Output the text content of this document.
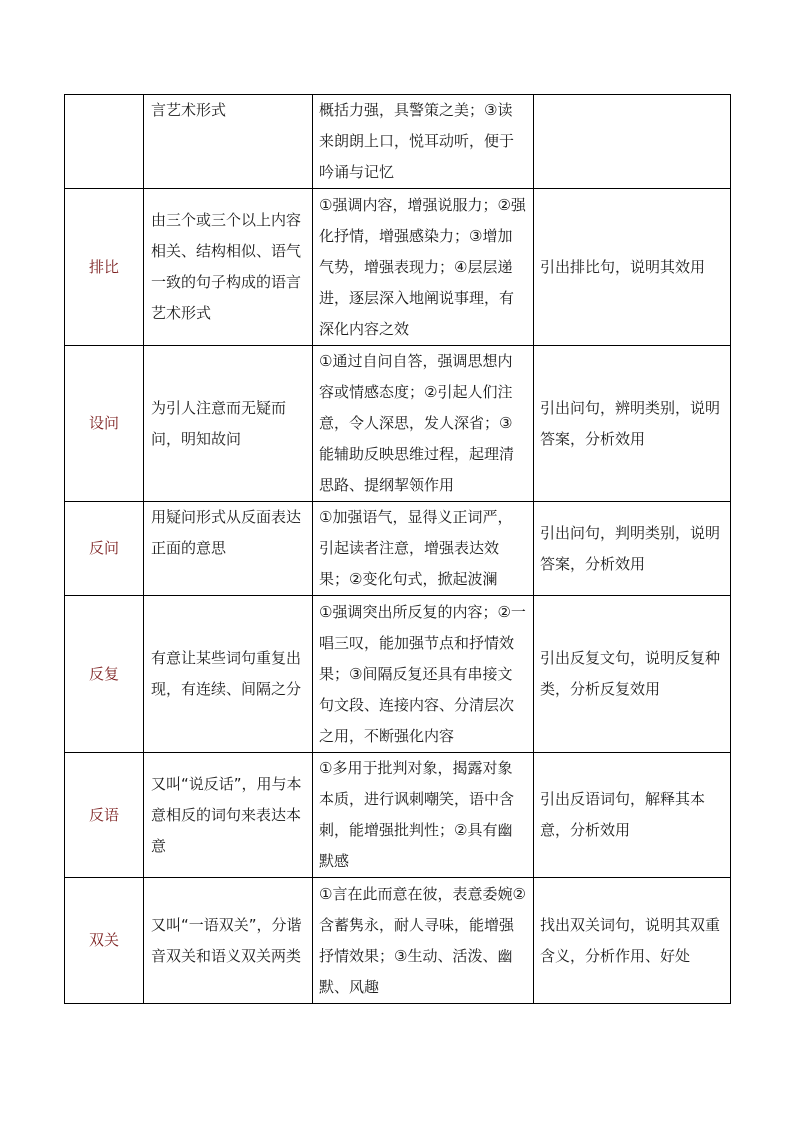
	言艺术形式	概括力强，具警策之美；③读来朗朗上口，悦耳动听，便于吟诵与记忆	
排比	由三个或三个以上内容相关、结构相似、语气一致的句子构成的语言艺术形式	①强调内容，增强说服力；②强化抒情，增强感染力；③增加气势，增强表现力；④层层递进，逐层深入地阐说事理，有深化内容之效	引出排比句，说明其效用
设问	为引人注意而无疑而问，明知故问	①通过自问自答，强调思想内容或情感态度；②引起人们注意，令人深思，发人深省；③能辅助反映思维过程，起理清思路、提纲挈领作用	引出问句，辨明类别，说明答案，分析效用
反问	用疑问形式从反面表达正面的意思	①加强语气，显得义正词严，引起读者注意，增强表达效果；②变化句式，掀起波澜	引出问句，判明类别，说明答案，分析效用
反复	有意让某些词句重复出现，有连续、间隔之分	①强调突出所反复的内容；②一唱三叹，能加强节点和抒情效果；③间隔反复还具有串接文句文段、连接内容、分清层次之用，不断强化内容	引出反复文句，说明反复种类，分析反复效用
反语	又叫“说反话”，用与本意相反的词句来表达本意	①多用于批判对象，揭露对象本质，进行讽刺嘲笑，语中含刺，能增强批判性；②具有幽默感	引出反语词句，解释其本意，分析效用
双关	又叫“一语双关”，分谐音双关和语义双关两类	①言在此而意在彼，表意委婉②含蓄隽永，耐人寻味，能增强抒情效果；③生动、活泼、幽默、风趣	找出双关词句，说明其双重含义，分析作用、好处
